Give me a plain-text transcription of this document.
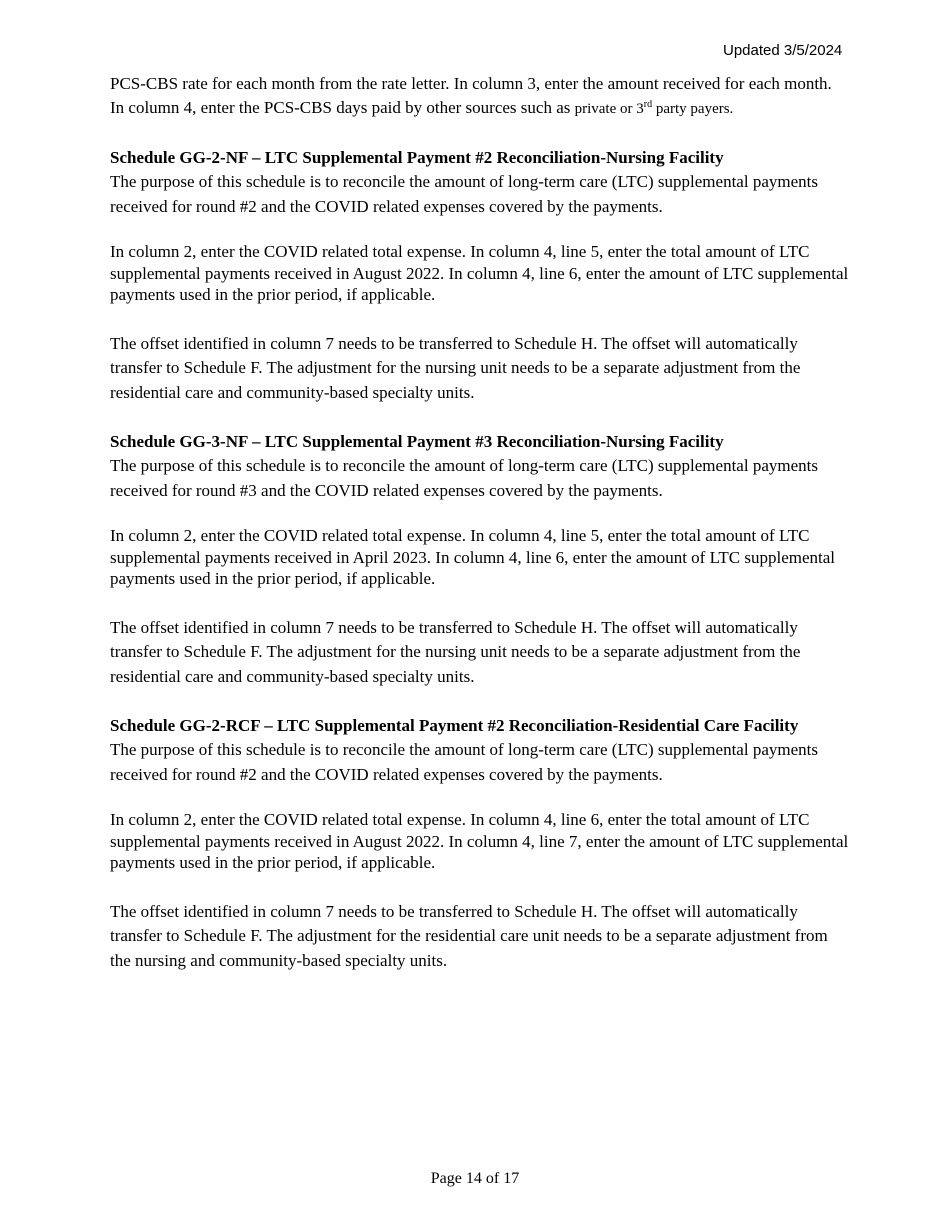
Updated 3/5/2024

PCS-CBS rate for each month from the rate letter. In column 3, enter the amount received for each month. In column 4, enter the PCS-CBS days paid by other sources such as private or 3rd party payers.

Schedule GG-2-NF – LTC Supplemental Payment #2 Reconciliation-Nursing Facility

The purpose of this schedule is to reconcile the amount of long-term care (LTC) supplemental payments received for round #2 and the COVID related expenses covered by the payments.

In column 2, enter the COVID related total expense. In column 4, line 5, enter the total amount of LTC supplemental payments received in August 2022. In column 4, line 6, enter the amount of LTC supplemental payments used in the prior period, if applicable.

The offset identified in column 7 needs to be transferred to Schedule H. The offset will automatically transfer to Schedule F. The adjustment for the nursing unit needs to be a separate adjustment from the residential care and community-based specialty units.

Schedule GG-3-NF – LTC Supplemental Payment #3 Reconciliation-Nursing Facility

The purpose of this schedule is to reconcile the amount of long-term care (LTC) supplemental payments received for round #3 and the COVID related expenses covered by the payments.

In column 2, enter the COVID related total expense. In column 4, line 5, enter the total amount of LTC supplemental payments received in April 2023. In column 4, line 6, enter the amount of LTC supplemental payments used in the prior period, if applicable.

The offset identified in column 7 needs to be transferred to Schedule H. The offset will automatically transfer to Schedule F. The adjustment for the nursing unit needs to be a separate adjustment from the residential care and community-based specialty units.

Schedule GG-2-RCF – LTC Supplemental Payment #2 Reconciliation-Residential Care Facility

The purpose of this schedule is to reconcile the amount of long-term care (LTC) supplemental payments received for round #2 and the COVID related expenses covered by the payments.

In column 2, enter the COVID related total expense. In column 4, line 6, enter the total amount of LTC supplemental payments received in August 2022. In column 4, line 7, enter the amount of LTC supplemental payments used in the prior period, if applicable.

The offset identified in column 7 needs to be transferred to Schedule H. The offset will automatically transfer to Schedule F. The adjustment for the residential care unit needs to be a separate adjustment from the nursing and community-based specialty units.

Page 14 of 17
